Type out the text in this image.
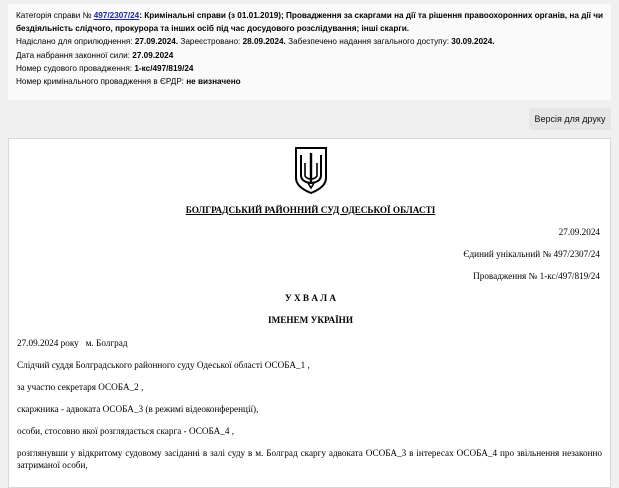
Категорія справи № 497/2307/24: Кримінальні справи (з 01.01.2019); Провадження за скаргами на дії та рішення правоохоронних органів, на дії чи
бездіяльність слідчого, прокурора та інших осіб під час досудового розслідування; інші скарги.
Надіслано для оприлюднення: 27.09.2024. Зареєстровано: 28.09.2024. Забезпечено надання загального доступу: 30.09.2024.
Дата набрання законної сили: 27.09.2024
Номер судового провадження: 1-кс/497/819/24
Номер кримінального провадження в ЄРДР: не визначено
Версія для друку
БОЛГРАДСЬКИЙ РАЙОННИЙ СУД ОДЕСЬКОЇ ОБЛАСТІ
27.09.2024
Єдиний унікальний № 497/2307/24
Провадження № 1-кс/497/819/24
У Х В А Л А
ІМЕНЕМ УКРАЇНИ
27.09.2024 року   м. Болград
Слідчий суддя Болградського районного суду Одеської області ОСОБА_1 ,
за участю секретаря ОСОБА_2 ,
скаржника - адвоката ОСОБА_3 (в режимі відеоконференції),
особи, стосовно якої розглядається скарга - ОСОБА_4 ,
розглянувши у відкритому судовому засіданні в залі суду в м. Болград скаргу адвоката ОСОБА_3 в інтересах ОСОБА_4 про звільнення незаконно затриманої особи,
